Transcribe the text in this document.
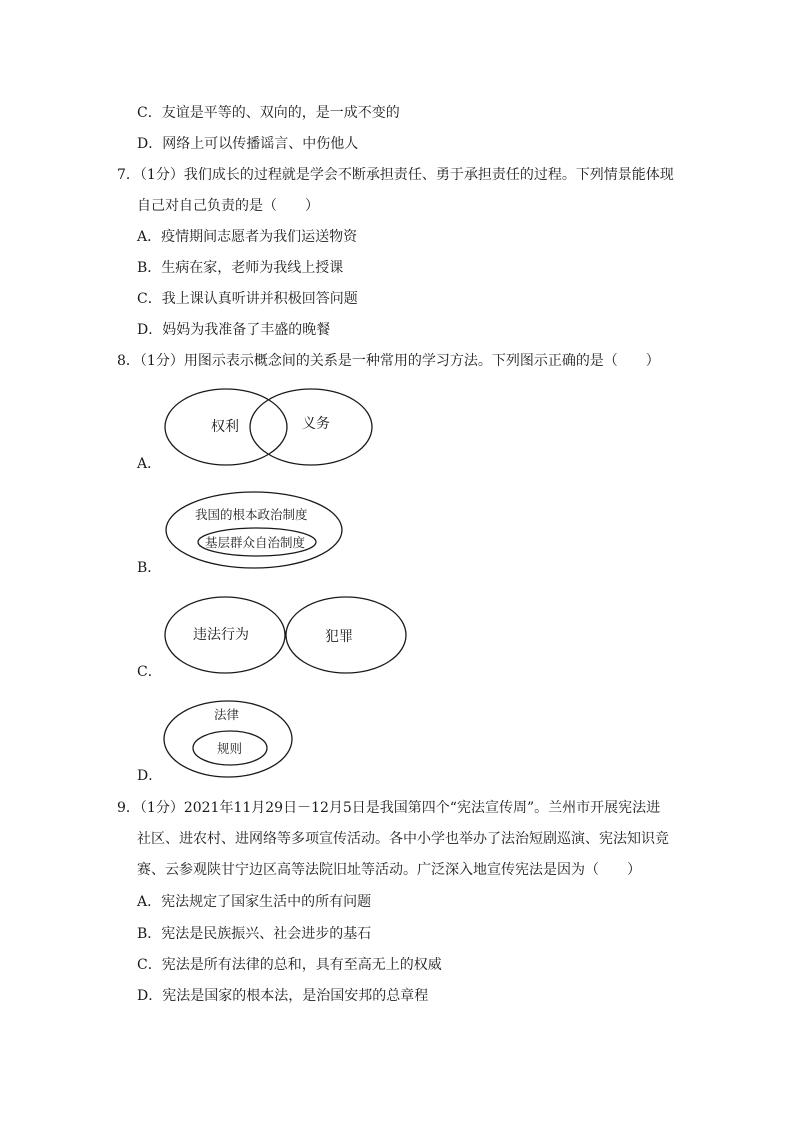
C．友谊是平等的、双向的，是一成不变的
D．网络上可以传播谣言、中伤他人
7．（1分）我们成长的过程就是学会不断承担责任、勇于承担责任的过程。下列情景能体现
自己对自己负责的是（　　）
A．疫情期间志愿者为我们运送物资
B．生病在家，老师为我线上授课
C．我上课认真听讲并积极回答问题
D．妈妈为我准备了丰盛的晚餐
8．（1分）用图示表示概念间的关系是一种常用的学习方法。下列图示正确的是（　　）
权利	义务
A．
我国的根本政治制度
基层群众自治制度
B．
违法行为	犯罪
C．
法律
规则
D．
9．（1分）2021年11月29日－12月5日是我国第四个“宪法宣传周”。兰州市开展宪法进
社区、进农村、进网络等多项宣传活动。各中小学也举办了法治短剧巡演、宪法知识竞
赛、云参观陕甘宁边区高等法院旧址等活动。广泛深入地宣传宪法是因为（　　）
A．宪法规定了国家生活中的所有问题
B．宪法是民族振兴、社会进步的基石
C．宪法是所有法律的总和，具有至高无上的权威
D．宪法是国家的根本法，是治国安邦的总章程
